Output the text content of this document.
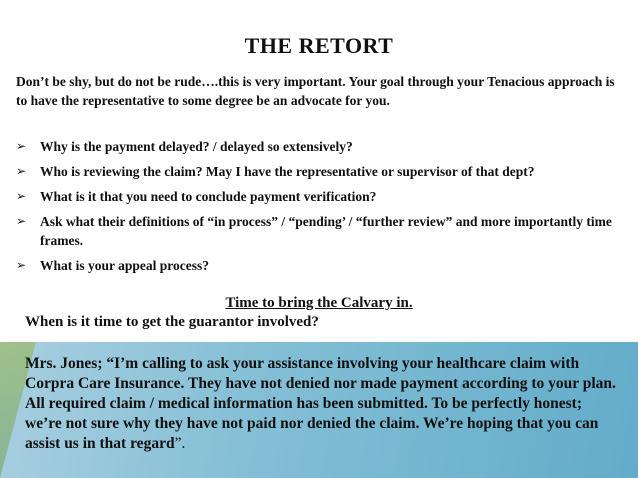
THE RETORT

Don’t be shy, but do not be rude….this is very important. Your goal through your Tenacious approach is to have the representative to some degree be an advocate for you.

➢ Why is the payment delayed? / delayed so extensively?
➢ Who is reviewing the claim? May I have the representative or supervisor of that dept?
➢ What is it that you need to conclude payment verification?
➢ Ask what their definitions of “in process” / “pending’ / “further review” and more importantly time frames.
➢ What is your appeal process?
Time to bring the Calvary in.
When is it time to get the guarantor involved?

Mrs. Jones; “I’m calling to ask your assistance involving your healthcare claim with Corpra Care Insurance. They have not denied nor made payment according to your plan. All required claim / medical information has been submitted. To be perfectly honest; we’re not sure why they have not paid nor denied the claim. We’re hoping that you can assist us in that regard”.
